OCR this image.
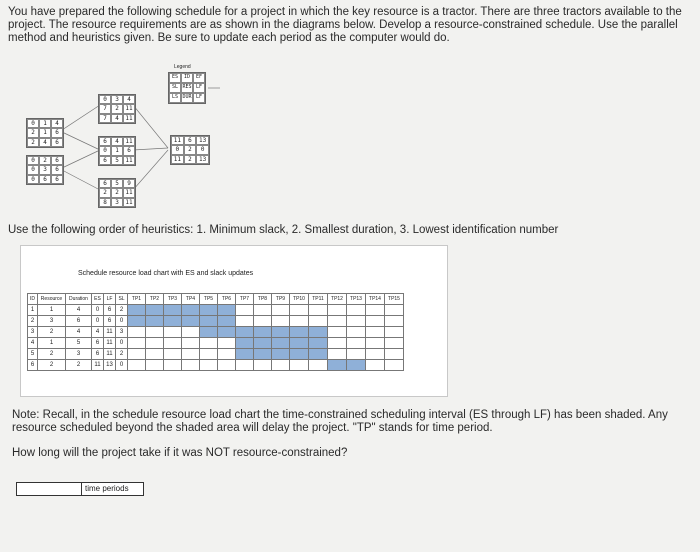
You have prepared the following schedule for a project in which the key resource is a tractor. There are three tractors available to the project. The resource requirements are as shown in the diagrams below. Develop a resource-constrained schedule. Use the parallel method and heuristics given. Be sure to update each period as the computer would do.
ES	ID	EF
SL RES LF
LS DUR LF
Legend
0	1	4
2	1	6
2	4	6
0	2	6
0	3	6
0	6	6
0	3	4
7	2	11
7	4	11
6	4	11
0	1	6
6	5	11
6	5	9
2	2	11
8	3	11
11	6	13
0	2	0
11	2	13
Use the following order of heuristics: 1. Minimum slack, 2. Smallest duration, 3. Lowest identification number
Schedule resource load chart with ES and slack updates
ID	Resource	Duration	ES	LF	SL	TP1	TP2	TP3	TP4	TP5	TP6	TP7	TP8	TP9	TP10	TP11	TP12	TP13	TP14	TP15
1	1	4	0	6	2															
2	3	6	0	6	0															
3	2	4	4	11	3															
4	1	5	6	11	0															
5	2	3	6	11	2															
6	2	2	11	13	0															
Note: Recall, in the schedule resource load chart the time-constrained scheduling interval (ES through LF) has been shaded. Any resource scheduled beyond the shaded area will delay the project. "TP" stands for time period.
How long will the project take if it was NOT resource-constrained?
time periods
